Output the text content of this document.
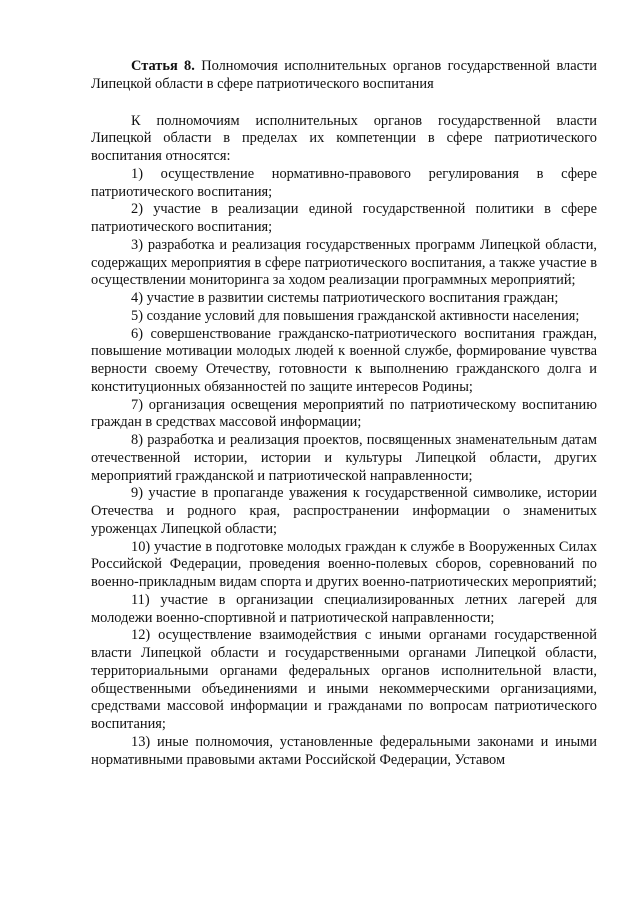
Статья 8. Полномочия исполнительных органов государственной власти Липецкой области в сфере патриотического воспитания

К полномочиям исполнительных органов государственной власти Липецкой области в пределах их компетенции в сфере патриотического воспитания относятся:

1) осуществление нормативно-правового регулирования в сфере патриотического воспитания;

2) участие в реализации единой государственной политики в сфере патриотического воспитания;

3) разработка и реализация государственных программ Липецкой области, содержащих мероприятия в сфере патриотического воспитания, а также участие в осуществлении мониторинга за ходом реализации программных мероприятий;

4) участие в развитии системы патриотического воспитания граждан;

5) создание условий для повышения гражданской активности населения;

6) совершенствование гражданско-патриотического воспитания граждан, повышение мотивации молодых людей к военной службе, формирование чувства верности своему Отечеству, готовности к выполнению гражданского долга и конституционных обязанностей по защите интересов Родины;

7) организация освещения мероприятий по патриотическому воспитанию граждан в средствах массовой информации;

8) разработка и реализация проектов, посвященных знаменательным датам отечественной истории, истории и культуры Липецкой области, других мероприятий гражданской и патриотической направленности;

9) участие в пропаганде уважения к государственной символике, истории Отечества и родного края, распространении информации о знаменитых уроженцах Липецкой области;

10) участие в подготовке молодых граждан к службе в Вооруженных Силах Российской Федерации, проведения военно-полевых сборов, соревнований по военно-прикладным видам спорта и других военно-патриотических мероприятий;

11) участие в организации специализированных летних лагерей для молодежи военно-спортивной и патриотической направленности;

12) осуществление взаимодействия с иными органами государственной власти Липецкой области и государственными органами Липецкой области, территориальными органами федеральных органов исполнительной власти, общественными объединениями и иными некоммерческими организациями, средствами массовой информации и гражданами по вопросам патриотического воспитания;

13) иные полномочия, установленные федеральными законами и иными нормативными правовыми актами Российской Федерации, Уставом
